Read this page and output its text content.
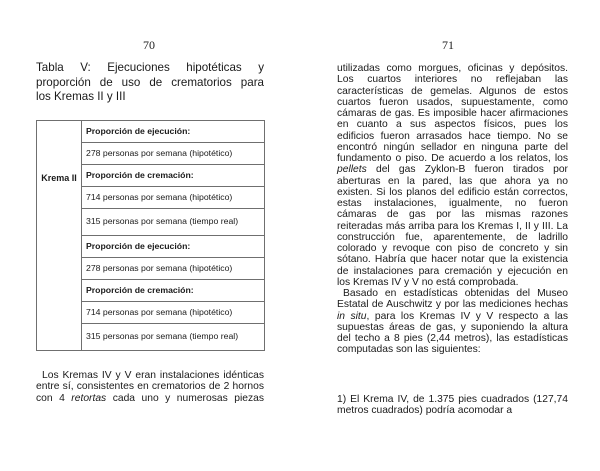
70	71

Tabla V: Ejecuciones hipotéticas y
proporción de uso de crematorios para
los Kremas II y III

Krema II	Proporción de ejecución:
	278 personas por semana (hipotético)
	Proporción de cremación:
	714 personas por semana (hipotético)
	315 personas por semana (tiempo real)
	Proporción de ejecución:
	278 personas por semana (hipotético)
	Proporción de cremación:
	714 personas por semana (hipotético)
	315 personas por semana (tiempo real)

Los Kremas IV y V eran instalaciones idénticas
entre sí, consistentes en crematorios de 2 hornos
con 4 retortas cada uno y numerosas piezas

utilizadas como morgues, oficinas y depósitos.
Los cuartos interiores no reflejaban las
características de gemelas. Algunos de estos
cuartos fueron usados, supuestamente, como
cámaras de gas. Es imposible hacer afirmaciones
en cuanto a sus aspectos físicos, pues los
edificios fueron arrasados hace tiempo. No se
encontró ningún sellador en ninguna parte del
fundamento o piso. De acuerdo a los relatos, los
pellets del gas Zyklon-B fueron tirados por
aberturas en la pared, las que ahora ya no
existen. Si los planos del edificio están correctos,
estas instalaciones, igualmente, no fueron
cámaras de gas por las mismas razones
reiteradas más arriba para los Kremas I, II y III. La
construcción fue, aparentemente, de ladrillo
colorado y revoque con piso de concreto y sin
sótano. Habría que hacer notar que la existencia
de instalaciones para cremación y ejecución en
los Kremas IV y V no está comprobada.
Basado en estadísticas obtenidas del Museo
Estatal de Auschwitz y por las mediciones hechas
in situ, para los Kremas IV y V respecto a las
supuestas áreas de gas, y suponiendo la altura
del techo a 8 pies (2,44 metros), las estadísticas
computadas son las siguientes:

1) El Krema IV, de 1.375 pies cuadrados (127,74
metros cuadrados) podría acomodar a
